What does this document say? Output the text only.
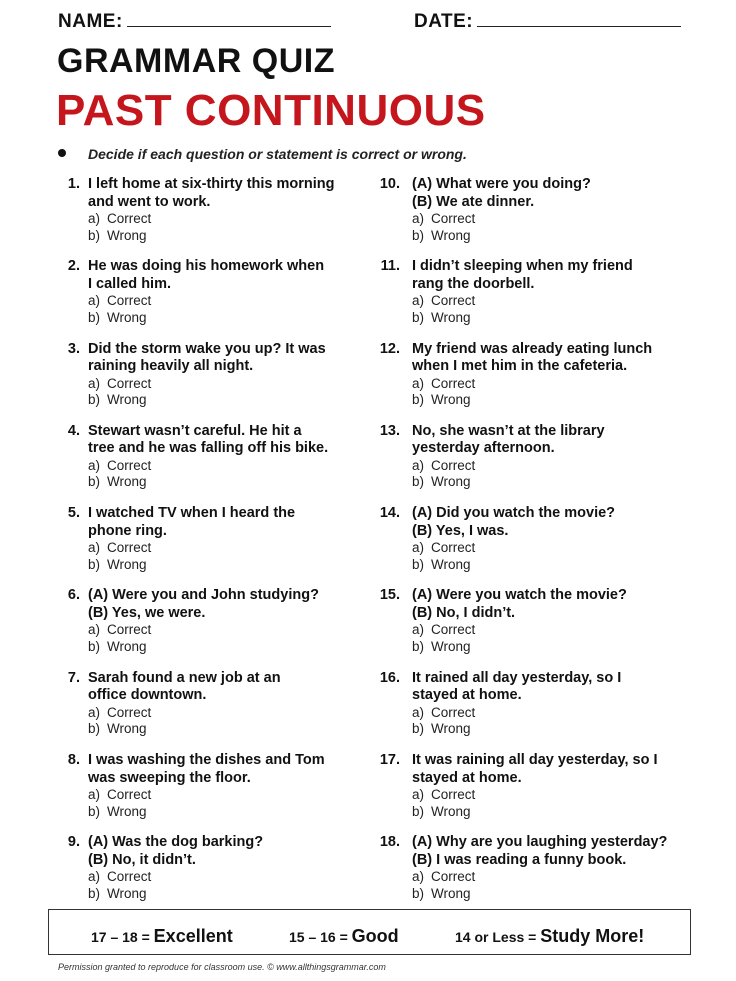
NAME:	DATE:
GRAMMAR QUIZ
PAST CONTINUOUS
Decide if each question or statement is correct or wrong.
1. I left home at six-thirty this morning
and went to work.
a) Correct
b) Wrong
2. He was doing his homework when
I called him.
a) Correct
b) Wrong
3. Did the storm wake you up? It was
raining heavily all night.
a) Correct
b) Wrong
4. Stewart wasn’t careful. He hit a
tree and he was falling off his bike.
a) Correct
b) Wrong
5. I watched TV when I heard the
phone ring.
a) Correct
b) Wrong
6. (A) Were you and John studying?
(B) Yes, we were.
a) Correct
b) Wrong
7. Sarah found a new job at an
office downtown.
a) Correct
b) Wrong
8. I was washing the dishes and Tom
was sweeping the floor.
a) Correct
b) Wrong
9. (A) Was the dog barking?
(B) No, it didn’t.
a) Correct
b) Wrong
10. (A) What were you doing?
(B) We ate dinner.
a) Correct
b) Wrong
11. I didn’t sleeping when my friend
rang the doorbell.
a) Correct
b) Wrong
12. My friend was already eating lunch
when I met him in the cafeteria.
a) Correct
b) Wrong
13. No, she wasn’t at the library
yesterday afternoon.
a) Correct
b) Wrong
14. (A) Did you watch the movie?
(B) Yes, I was.
a) Correct
b) Wrong
15. (A) Were you watch the movie?
(B) No, I didn’t.
a) Correct
b) Wrong
16. It rained all day yesterday, so I
stayed at home.
a) Correct
b) Wrong
17. It was raining all day yesterday, so I
stayed at home.
a) Correct
b) Wrong
18. (A) Why are you laughing yesterday?
(B) I was reading a funny book.
a) Correct
b) Wrong
17 – 18 = Excellent	15 – 16 = Good	14 or Less = Study More!
Permission granted to reproduce for classroom use. © www.allthingsgrammar.com
